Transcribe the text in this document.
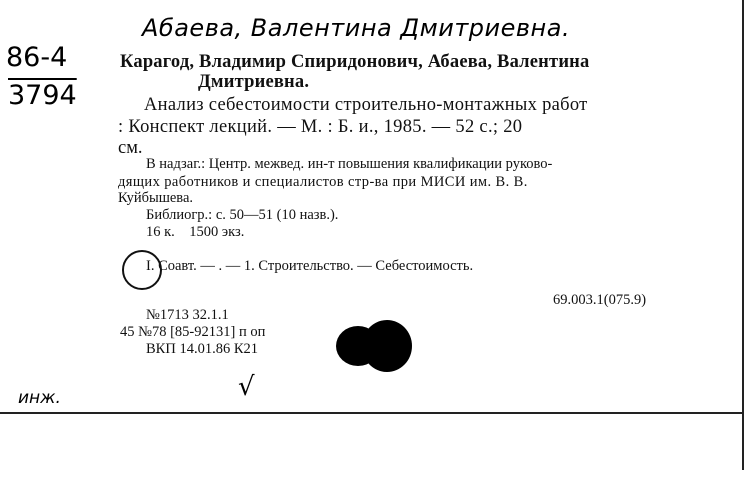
Абаева, Валентина Дмитриевна.
86-4
3794
Карагод, Владимир Спиридонович, Абаева, Валентина
Дмитриевна.
Анализ себестоимости строительно-монтажных работ
: Конспект лекций. — М. : Б. и., 1985. — 52 с.; 20
см.
В надзаг.: Центр. межвед. ин-т повышения квалификации руково-
дящих работников и специалистов стр-ва при МИСИ им. В. В.
Куйбышева.
Библиогр.: с. 50—51 (10 назв.).
16 к.    1500 экз.
I. Соавт. — . — 1. Строительство. — Себестоимость.
69.003.1(075.9)
№1713 32.1.1
45 №78 [85-92131] п оп
ВКП 14.01.86 К21
√
инж.
